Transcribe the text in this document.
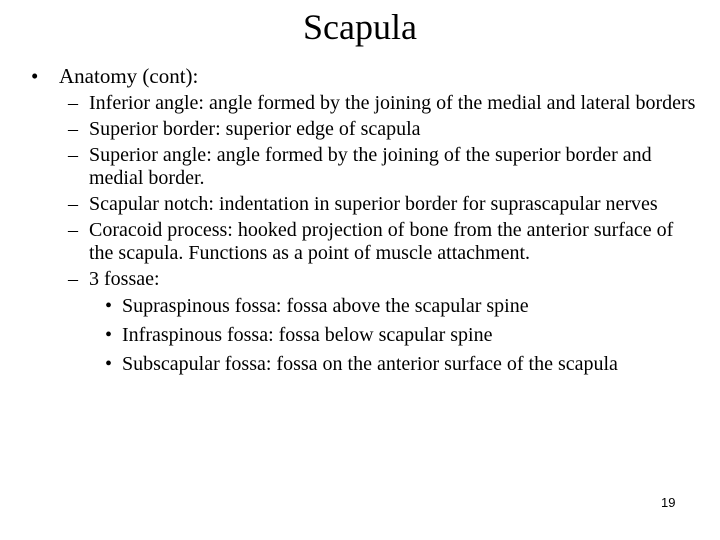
Scapula
• Anatomy (cont):
– Inferior angle: angle formed by the joining of the medial and lateral borders
– Superior border: superior edge of scapula
– Superior angle: angle formed by the joining of the superior border and medial border.
– Scapular notch: indentation in superior border for suprascapular nerves
– Coracoid process: hooked projection of bone from the anterior surface of the scapula. Functions as a point of muscle attachment.
– 3 fossae:
• Supraspinous fossa: fossa above the scapular spine
• Infraspinous fossa: fossa below scapular spine
• Subscapular fossa: fossa on the anterior surface of the scapula
19
